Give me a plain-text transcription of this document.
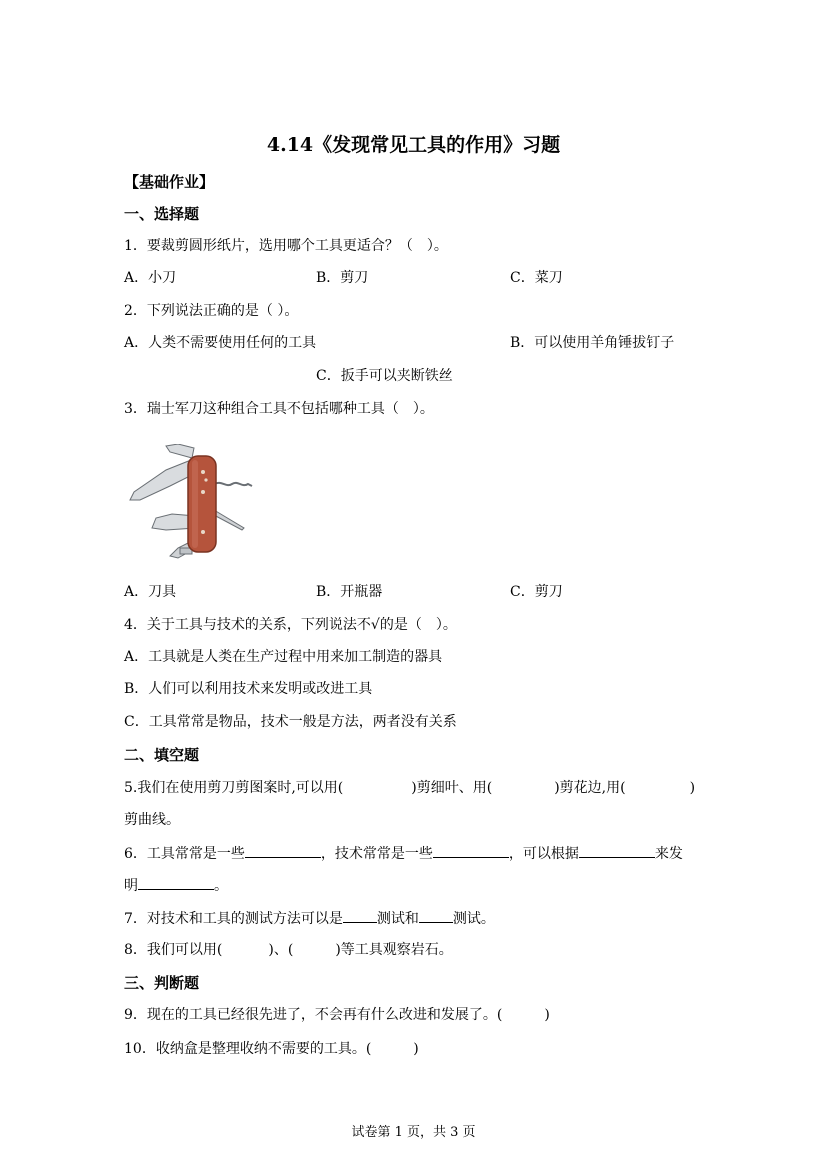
4.14《发现常见工具的作用》习题
【基础作业】
一、选择题
1．要裁剪圆形纸片，选用哪个工具更适合？（　）。
A．小刀	B．剪刀	C．菜刀
2．下列说法正确的是（ ）。
A．人类不需要使用任何的工具	B．可以使用羊角锤拔钉子
C．扳手可以夹断铁丝
3．瑞士军刀这种组合工具不包括哪种工具（　）。
A．刀具	B．开瓶器	C．剪刀
4．关于工具与技术的关系，下列说法不√的是（　）。
A．工具就是人类在生产过程中用来加工制造的器具
B．人们可以利用技术来发明或改进工具
C．工具常常是物品，技术一般是方法，两者没有关系
二、填空题
5.我们在使用剪刀剪图案时,可以用(	)剪细叶、用(	)剪花边,用(	)
剪曲线。
6．工具常常是一些	，技术常常是一些	，可以根据	来发
明	。
7．对技术和工具的测试方法可以是 测试和 测试。
8．我们可以用(	)、(	)等工具观察岩石。
三、判断题
9．现在的工具已经很先进了，不会再有什么改进和发展了。(	)
10．收纳盒是整理收纳不需要的工具。(	)
试卷第 1 页，共 3 页
